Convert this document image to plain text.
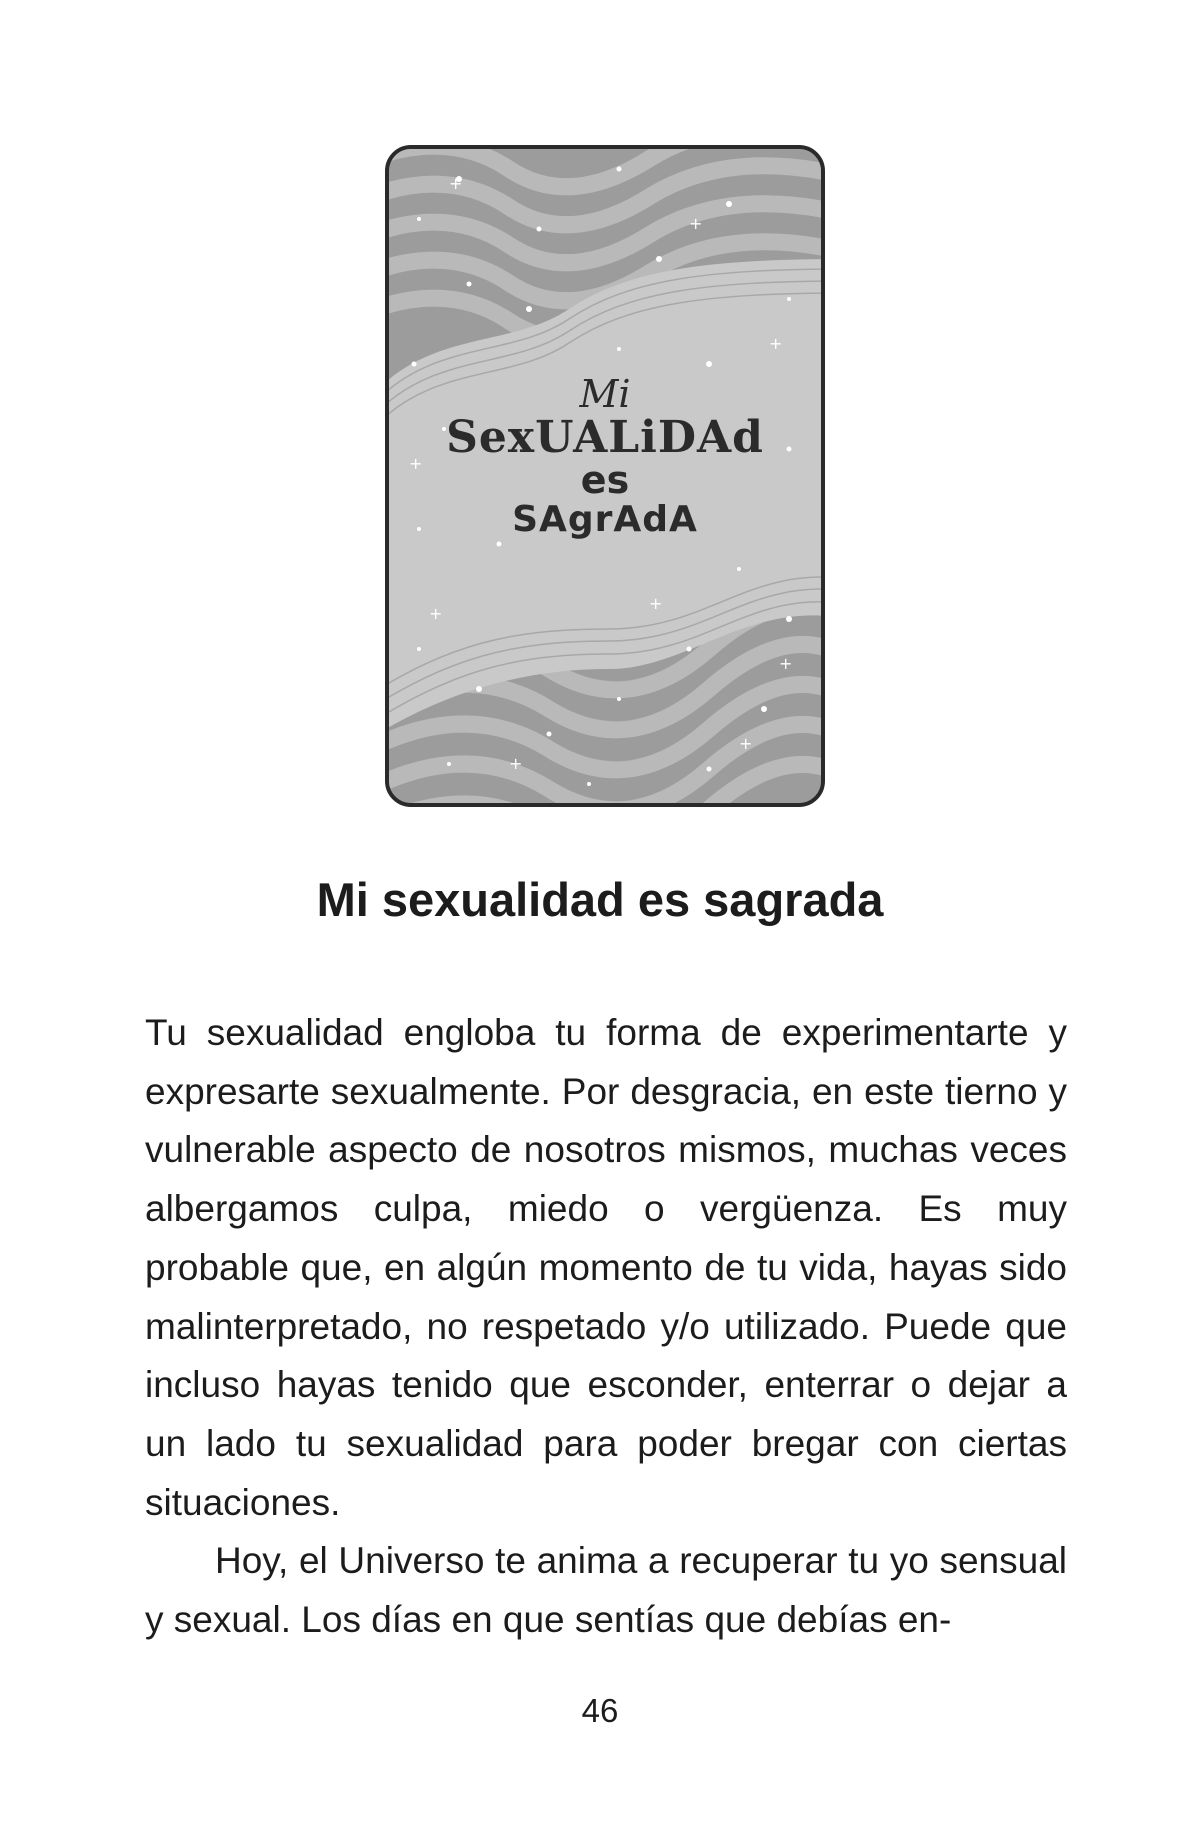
+
+
+
+
+
+
+
+
+
Mi
SexUALiDAd
es
SAgrAdA
Mi sexualidad es sagrada

Tu sexualidad engloba tu forma de experimentarte y expresarte sexualmente. Por desgracia, en este tierno y vulnerable aspecto de nosotros mismos, muchas veces albergamos culpa, miedo o vergüenza. Es muy probable que, en algún momento de tu vida, hayas sido malinterpretado, no respetado y/o utilizado. Puede que incluso hayas tenido que esconder, enterrar o dejar a un lado tu sexualidad para poder bregar con ciertas situaciones.

Hoy, el Universo te anima a recuperar tu yo sensual y sexual. Los días en que sentías que debías en-

46
